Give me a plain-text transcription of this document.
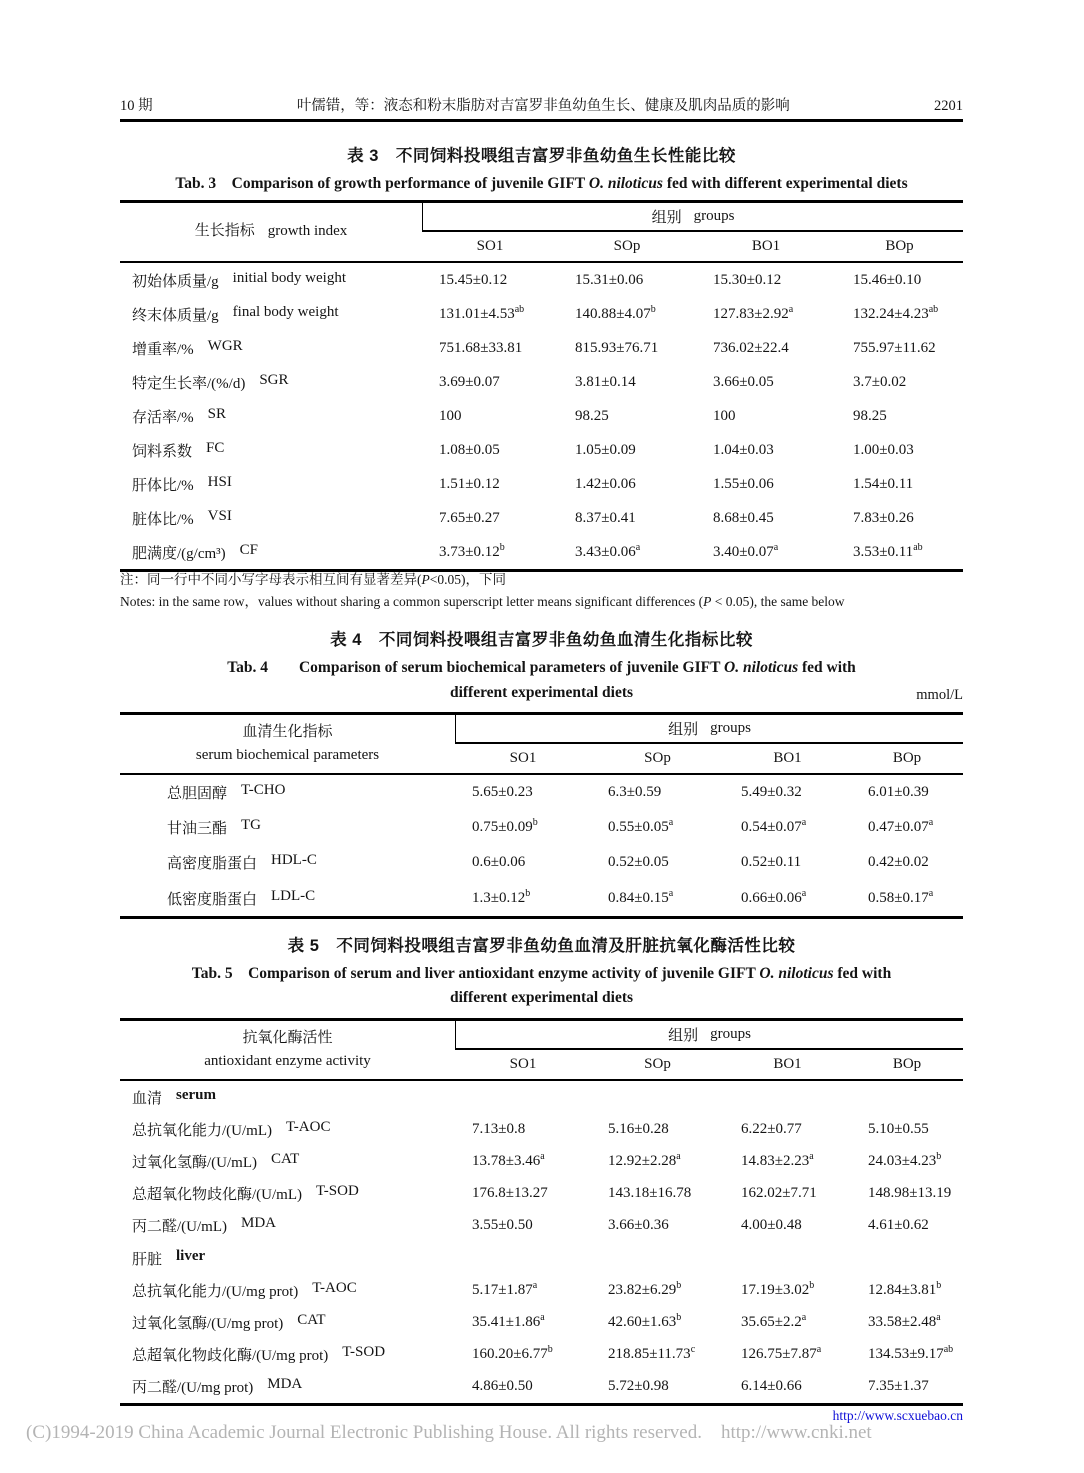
10 期	叶儒错，等：液态和粉末脂肪对吉富罗非鱼幼鱼生长、健康及肌肉品质的影响	2201
表 3　不同饲料投喂组吉富罗非鱼幼鱼生长性能比较
Tab. 3　Comparison of growth performance of juvenile GIFT O. niloticus fed with different experimental diets
生长指标 growth index
组别 groups
SO1	SOp	BO1	BOp
初始体质量/g initial body weight	15.45±0.12	15.31±0.06	15.30±0.12	15.46±0.10
终末体质量/g final body weight	131.01±4.53$^{ab}$	140.88±4.07$^b$	127.83±2.92$^a$	132.24±4.23$^{ab}$
增重率/% WGR	751.68±33.81	815.93±76.71	736.02±22.4	755.97±11.62
特定生长率/(%/d) SGR	3.69±0.07	3.81±0.14	3.66±0.05	3.7±0.02
存活率/% SR	100	98.25	100	98.25
饲料系数 FC	1.08±0.05	1.05±0.09	1.04±0.03	1.00±0.03
肝体比/% HSI	1.51±0.12	1.42±0.06	1.55±0.06	1.54±0.11
脏体比/% VSI	7.65±0.27	8.37±0.41	8.68±0.45	7.83±0.26
肥满度/(g/cm³) CF	3.73±0.12$^b$	3.43±0.06$^a$	3.40±0.07$^a$	3.53±0.11$^{ab}$
注：同一行中不同小写字母表示相互间有显著差异(P<0.05)，下同
Notes: in the same row，values without sharing a common superscript letter means significant differences (P < 0.05), the same below
表 4　不同饲料投喂组吉富罗非鱼幼鱼血清生化指标比较
Tab. 4　　Comparison of serum biochemical parameters of juvenile GIFT O. niloticus fed with
different experimental diets	mmol/L
血清生化指标
serum biochemical parameters
组别 groups
SO1	SOp	BO1	BOp
总胆固醇 T-CHO	5.65±0.23	6.3±0.59	5.49±0.32	6.01±0.39
甘油三酯 TG	0.75±0.09$^b$	0.55±0.05$^a$	0.54±0.07$^a$	0.47±0.07$^a$
高密度脂蛋白 HDL-C	0.6±0.06	0.52±0.05	0.52±0.11	0.42±0.02
低密度脂蛋白 LDL-C	1.3±0.12$^b$	0.84±0.15$^a$	0.66±0.06$^a$	0.58±0.17$^a$
表 5　不同饲料投喂组吉富罗非鱼幼鱼血清及肝脏抗氧化酶活性比较
Tab. 5　Comparison of serum and liver antioxidant enzyme activity of juvenile GIFT O. niloticus fed with
different experimental diets
抗氧化酶活性
antioxidant enzyme activity
组别 groups
SO1	SOp	BO1	BOp
血清 serum
总抗氧化能力/(U/mL) T-AOC	7.13±0.8	5.16±0.28	6.22±0.77	5.10±0.55
过氧化氢酶/(U/mL) CAT	13.78±3.46$^a$	12.92±2.28$^a$	14.83±2.23$^a$	24.03±4.23$^b$
总超氧化物歧化酶/(U/mL) T-SOD	176.8±13.27	143.18±16.78	162.02±7.71	148.98±13.19
丙二醛/(U/mL) MDA	3.55±0.50	3.66±0.36	4.00±0.48	4.61±0.62
肝脏 liver
总抗氧化能力/(U/mg prot) T-AOC	5.17±1.87$^a$	23.82±6.29$^b$	17.19±3.02$^b$	12.84±3.81$^b$
过氧化氢酶/(U/mg prot) CAT	35.41±1.86$^a$	42.60±1.63$^b$	35.65±2.2$^a$	33.58±2.48$^a$
总超氧化物歧化酶/(U/mg prot) T-SOD	160.20±6.77$^b$	218.85±11.73$^c$	126.75±7.87$^a$	134.53±9.17$^{ab}$
丙二醛/(U/mg prot) MDA	4.86±0.50	5.72±0.98	6.14±0.66	7.35±1.37
http://www.scxuebao.cn
(C)1994-2019 China Academic Journal Electronic Publishing House. All rights reserved.    http://www.cnki.net
